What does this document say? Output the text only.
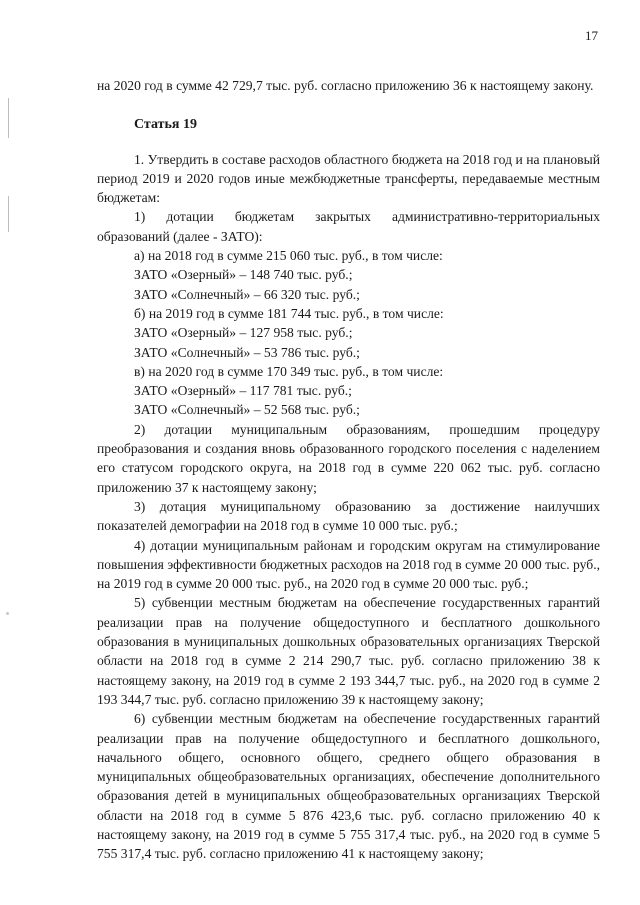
17

на 2020 год в сумме 42 729,7 тыс. руб. согласно приложению 36 к настоящему закону.

Статья 19

1. Утвердить в составе расходов областного бюджета на 2018 год и на плановый период 2019 и 2020 годов иные межбюджетные трансферты, передаваемые местным бюджетам:

1) дотации бюджетам закрытых административно-территориальных образований (далее - ЗАТО):

а) на 2018 год в сумме 215 060 тыс. руб., в том числе:

ЗАТО «Озерный» – 148 740 тыс. руб.;

ЗАТО «Солнечный» – 66 320 тыс. руб.;

б) на 2019 год в сумме 181 744 тыс. руб., в том числе:

ЗАТО «Озерный» – 127 958 тыс. руб.;

ЗАТО «Солнечный» – 53 786 тыс. руб.;

в) на 2020 год в сумме 170 349 тыс. руб., в том числе:

ЗАТО «Озерный» – 117 781 тыс. руб.;

ЗАТО «Солнечный» – 52 568 тыс. руб.;

2) дотации муниципальным образованиям, прошедшим процедуру преобразования и создания вновь образованного городского поселения с наделением его статусом городского округа, на 2018 год в сумме 220 062 тыс. руб. согласно приложению 37 к настоящему закону;

3) дотация муниципальному образованию за достижение наилучших показателей демографии на 2018 год в сумме 10 000 тыс. руб.;

4) дотации муниципальным районам и городским округам на стимулирование повышения эффективности бюджетных расходов на 2018 год в сумме 20 000 тыс. руб., на 2019 год в сумме 20 000 тыс. руб., на 2020 год в сумме 20 000 тыс. руб.;

5) субвенции местным бюджетам на обеспечение государственных гарантий реализации прав на получение общедоступного и бесплатного дошкольного образования в муниципальных дошкольных образовательных организациях Тверской области на 2018 год в сумме 2 214 290,7 тыс. руб. согласно приложению 38 к настоящему закону, на 2019 год в сумме 2 193 344,7 тыс. руб., на 2020 год в сумме 2 193 344,7 тыс. руб. согласно приложению 39 к настоящему закону;

6) субвенции местным бюджетам на обеспечение государственных гарантий реализации прав на получение общедоступного и бесплатного дошкольного, начального общего, основного общего, среднего общего образования в муниципальных общеобразовательных организациях, обеспечение дополнительного образования детей в муниципальных общеобразовательных организациях Тверской области на 2018 год в сумме 5 876 423,6 тыс. руб. согласно приложению 40 к настоящему закону, на 2019 год в сумме 5 755 317,4 тыс. руб., на 2020 год в сумме 5 755 317,4 тыс. руб. согласно приложению 41 к настоящему закону;
